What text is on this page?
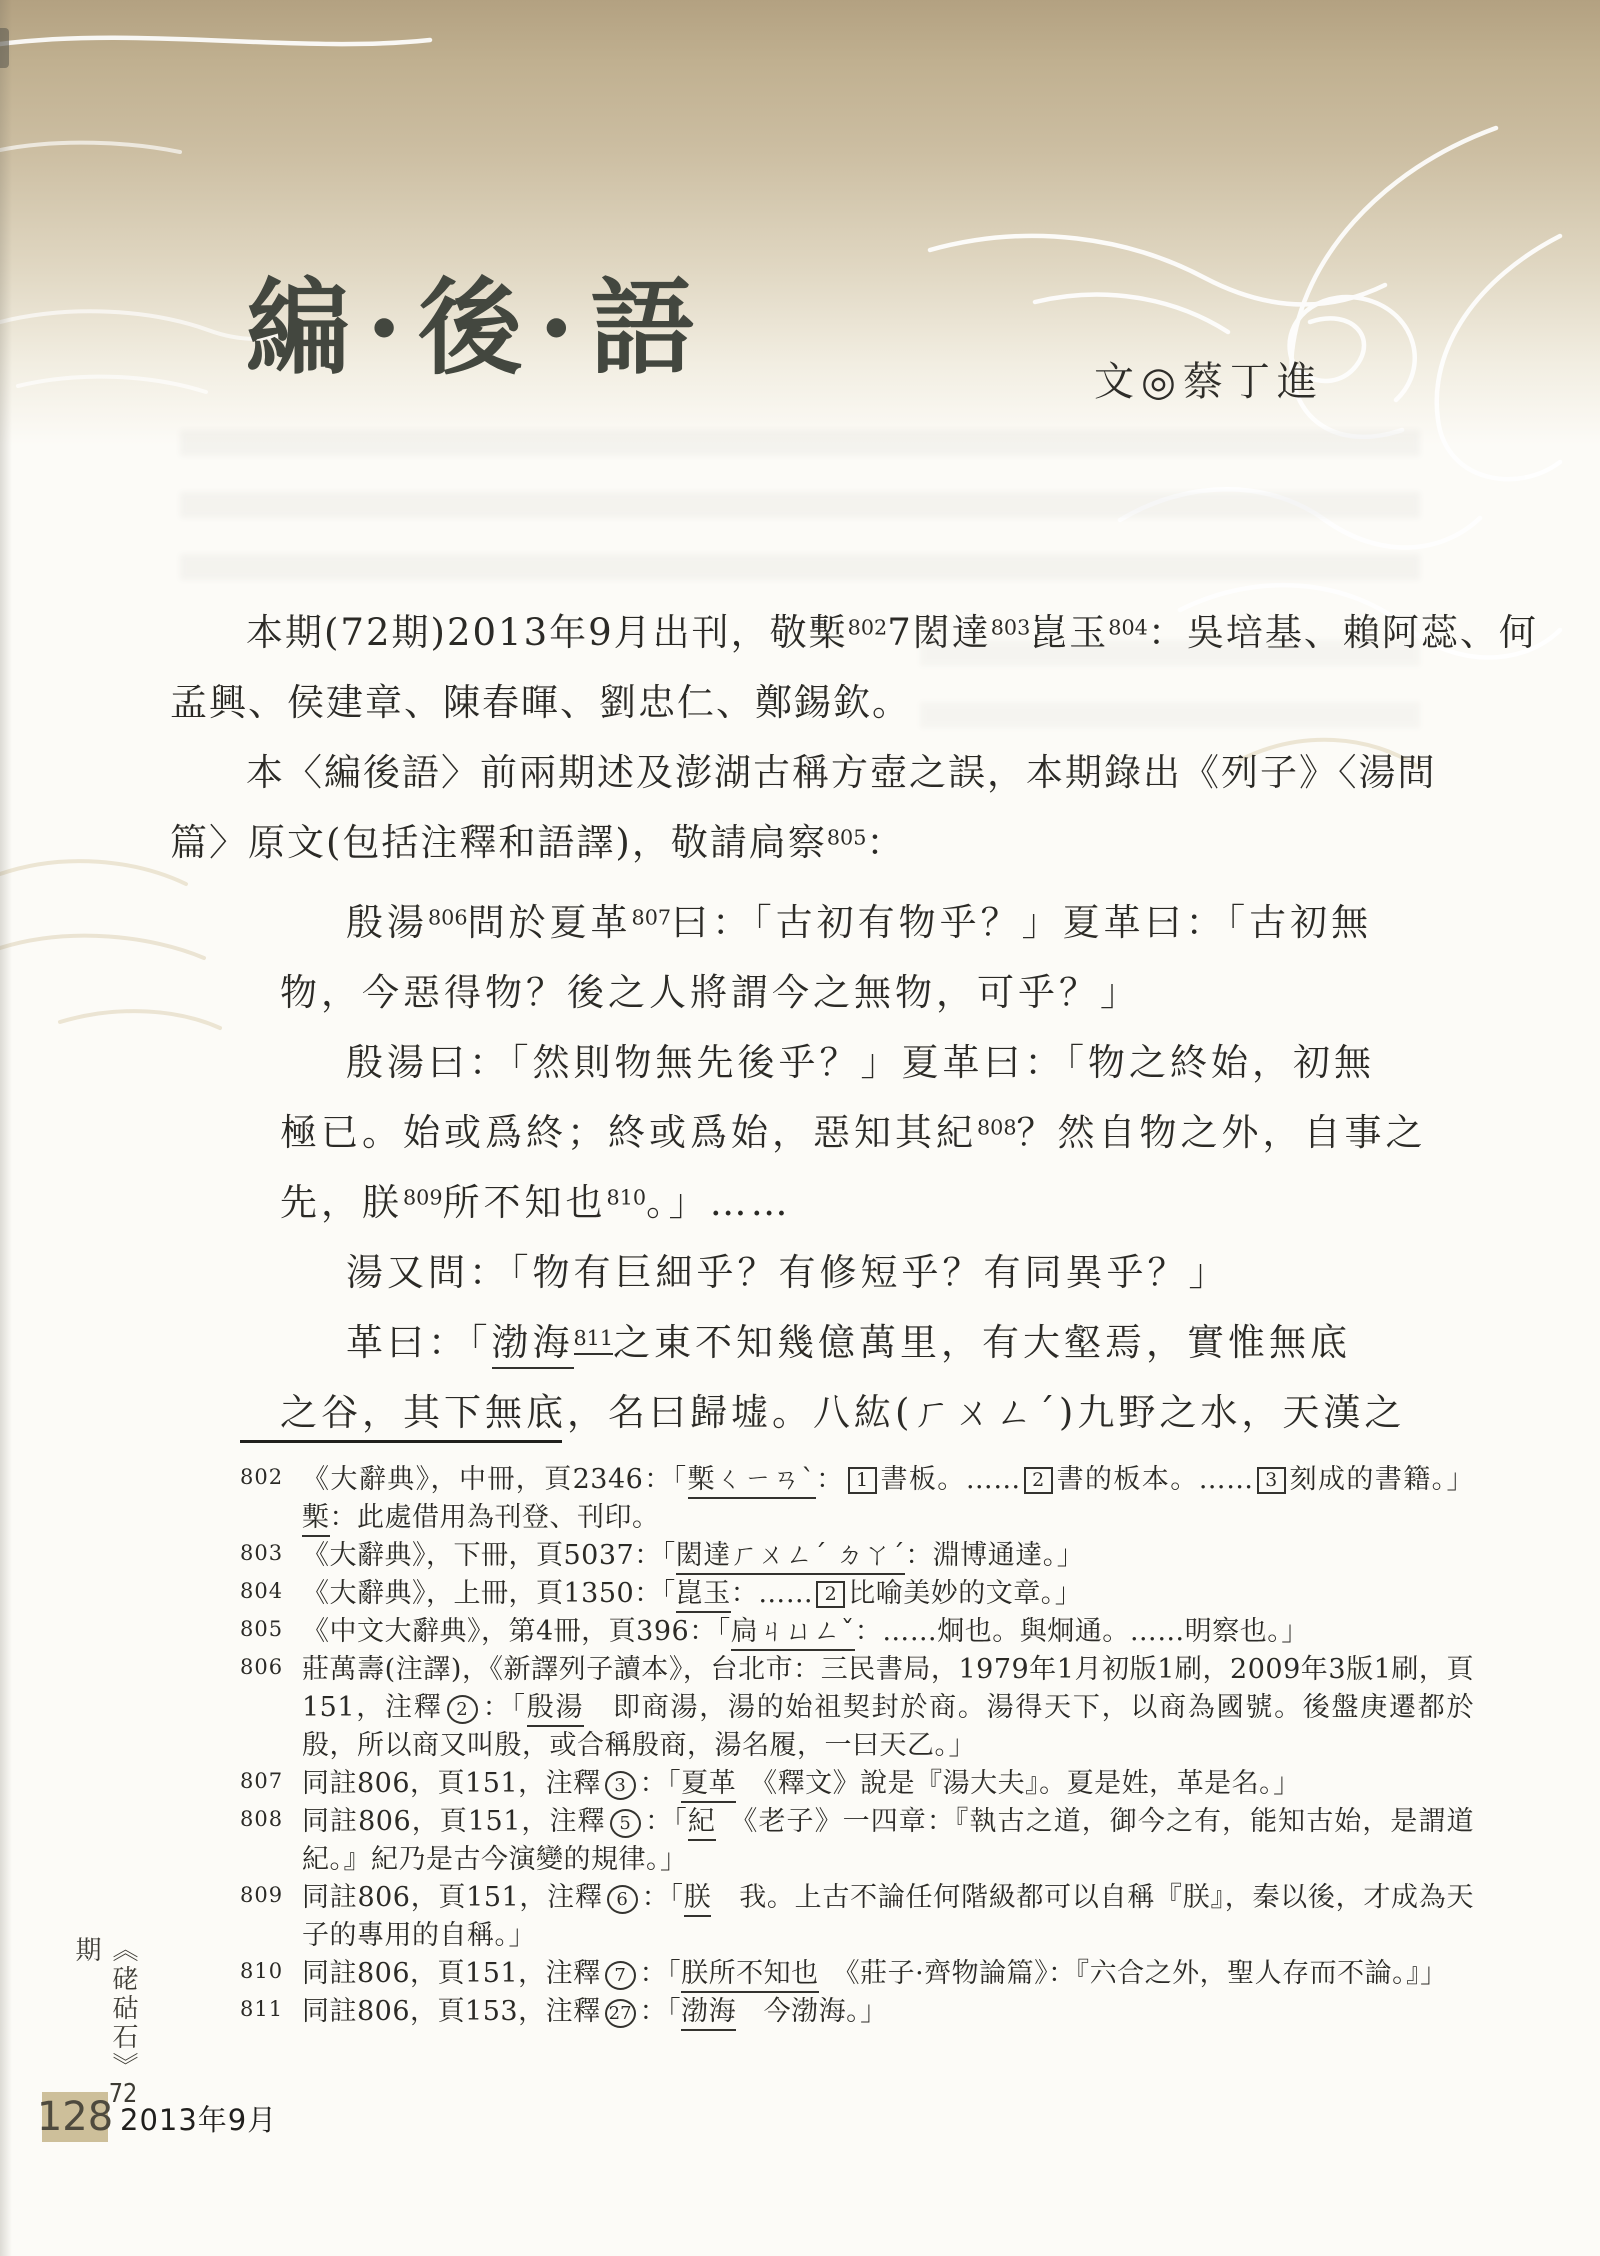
編·後·語	文◎蔡丁進
本期(72期)2013年9月出刊，敬槧$^{802}$7閎達$^{803}$崑玉$^{804}$：吳培基、賴阿蕊、何
孟興、侯建章、陳春暉、劉忠仁、鄭錫欽。
本〈編後語〉前兩期述及澎湖古稱方壺之誤，本期錄出《列子》〈湯問
篇〉原文(包括注釋和語譯)，敬請扃察$^{805}$：
殷湯$^{806}$問於夏革$^{807}$曰：「古初有物乎？」夏革曰：「古初無
物，今惡得物？後之人將謂今之無物，可乎？」
殷湯曰：「然則物無先後乎？」夏革曰：「物之終始，初無
極已。始或爲終；終或爲始，惡知其紀$^{808}$？然自物之外，自事之
先，朕$^{809}$所不知也$^{810}$。」……
湯又問：「物有巨細乎？有修短乎？有同異乎？」
革曰：「渤海$^{811}$之東不知幾億萬里，有大壑焉，實惟無底
之谷，其下無底，名曰歸墟。八紘(ㄏㄨㄥˊ)九野之水，天漢之
802 《大辭典》，中冊，頁2346：「槧ㄑㄧㄢˋ： 1 書板。…… 2 書的板本。…… 3 刻成的書籍。」槧：此處借用為刊登、刊印。
803 《大辭典》，下冊，頁5037：「閎達ㄏㄨㄥˊ ㄉㄚˊ：淵博通達。」
804 《大辭典》，上冊，頁1350：「崑玉：…… 2 比喻美妙的文章。」
805 《中文大辭典》，第4冊，頁396：「扃ㄐㄩㄥˇ：……炯也。與炯通。……明察也。」
806 莊萬壽(注譯)，《新譯列子讀本》，台北市：三民書局，1979年1月初版1刷，2009年3版1刷，頁151，注釋 2 ：「殷湯　即商湯，湯的始祖契封於商。湯得天下，以商為國號。後盤庚遷都於殷，所以商又叫殷，或合稱殷商，湯名履，一曰天乙。」
807 同註806，頁151，注釋 3 ：「夏革　《釋文》說是『湯大夫』。夏是姓，革是名。」
808 同註806，頁151，注釋 5 ：「紀　《老子》一四章：『執古之道，御今之有，能知古始，是謂道紀。』紀乃是古今演變的規律。」
809 同註806，頁151，注釋 6 ：「朕　我。上古不論任何階級都可以自稱『朕』，秦以後，才成為天子的專用的自稱。」
810 同註806，頁151，注釋 7 ：「朕所不知也　《莊子·齊物論篇》：『六合之外，聖人存而不論。』」
811 同註806，頁153，注釋 27 ：「渤海　今渤海。」
《硓𥑮石》72期
128 2013年9月
